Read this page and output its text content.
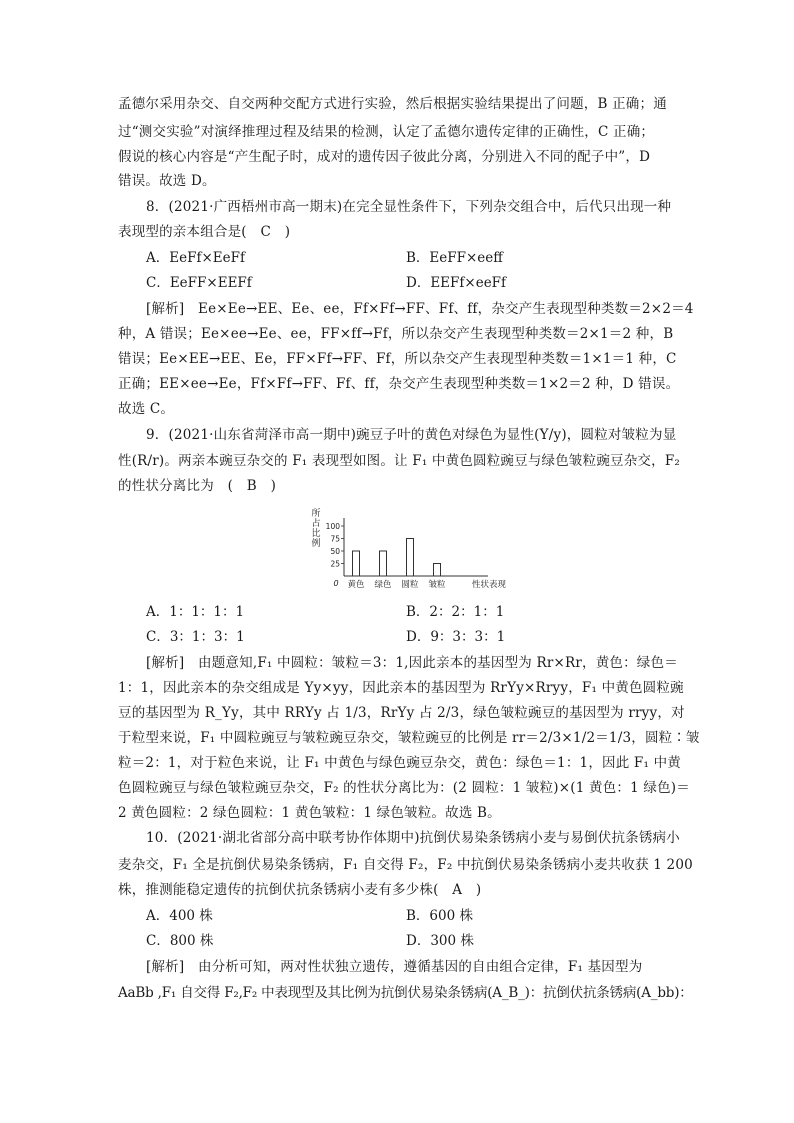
孟德尔采用杂交、自交两种交配方式进行实验，然后根据实验结果提出了问题，B 正确；通
过“测交实验”对演绎推理过程及结果的检测，认定了孟德尔遗传定律的正确性，C 正确；
假说的核心内容是“产生配子时，成对的遗传因子彼此分离，分别进入不同的配子中”，D
错误。故选 D。
8．(2021·广西梧州市高一期末)在完全显性条件下，下列杂交组合中，后代只出现一种
表现型的亲本组合是(　C　)
A．EeFf×EeFf	B．EeFF×eeff
C．EeFF×EEFf	D．EEFf×eeFf
[解析]　Ee×Ee→EE、Ee、ee，Ff×Ff→FF、Ff、ff，杂交产生表现型种类数＝2×2＝4
种，A 错误；Ee×ee→Ee、ee，FF×ff→Ff，所以杂交产生表现型种类数＝2×1＝2 种，B
错误；Ee×EE→EE、Ee，FF×Ff→FF、Ff，所以杂交产生表现型种类数＝1×1＝1 种，C
正确；EE×ee→Ee，Ff×Ff→FF、Ff、ff，杂交产生表现型种类数＝1×2＝2 种，D 错误。
故选 C。
9．(2021·山东省菏泽市高一期中)豌豆子叶的黄色对绿色为显性(Y/y)，圆粒对皱粒为显
性(R/r)。两亲本豌豆杂交的 F₁ 表现型如图。让 F₁ 中黄色圆粒豌豆与绿色皱粒豌豆杂交，F₂
的性状分离比为　(　B　)
所
占
比
例
0
25
50
75
100
黄色 绿色 圆粒 皱粒	性状表现
A．1：1：1：1	B．2：2：1：1
C．3：1：3：1	D．9：3：3：1
[解析]　由题意知,F₁ 中圆粒：皱粒＝3：1,因此亲本的基因型为 Rr×Rr，黄色：绿色＝
1：1，因此亲本的杂交组成是 Yy×yy，因此亲本的基因型为 RrYy×Rryy，F₁ 中黄色圆粒豌
豆的基因型为 R_Yy，其中 RRYy 占 1/3，RrYy 占 2/3，绿色皱粒豌豆的基因型为 rryy，对
于粒型来说，F₁ 中圆粒豌豆与皱粒豌豆杂交，皱粒豌豆的比例是 rr＝2/3×1/2＝1/3，圆粒∶皱
粒＝2：1，对于粒色来说，让 F₁ 中黄色与绿色豌豆杂交，黄色：绿色＝1：1，因此 F₁ 中黄
色圆粒豌豆与绿色皱粒豌豆杂交，F₂ 的性状分离比为：(2 圆粒：1 皱粒)×(1 黄色：1 绿色)＝
2 黄色圆粒：2 绿色圆粒：1 黄色皱粒：1 绿色皱粒。故选 B。
10．(2021·湖北省部分高中联考协作体期中)抗倒伏易染条锈病小麦与易倒伏抗条锈病小
麦杂交，F₁ 全是抗倒伏易染条锈病，F₁ 自交得 F₂，F₂ 中抗倒伏易染条锈病小麦共收获 1 200
株，推测能稳定遗传的抗倒伏抗条锈病小麦有多少株(　A　)
A．400 株	B．600 株
C．800 株	D．300 株
[解析]　由分析可知，两对性状独立遗传，遵循基因的自由组合定律，F₁ 基因型为
AaBb ,F₁ 自交得 F₂,F₂ 中表现型及其比例为抗倒伏易染条锈病(A_B_)：抗倒伏抗条锈病(A_bb)：
